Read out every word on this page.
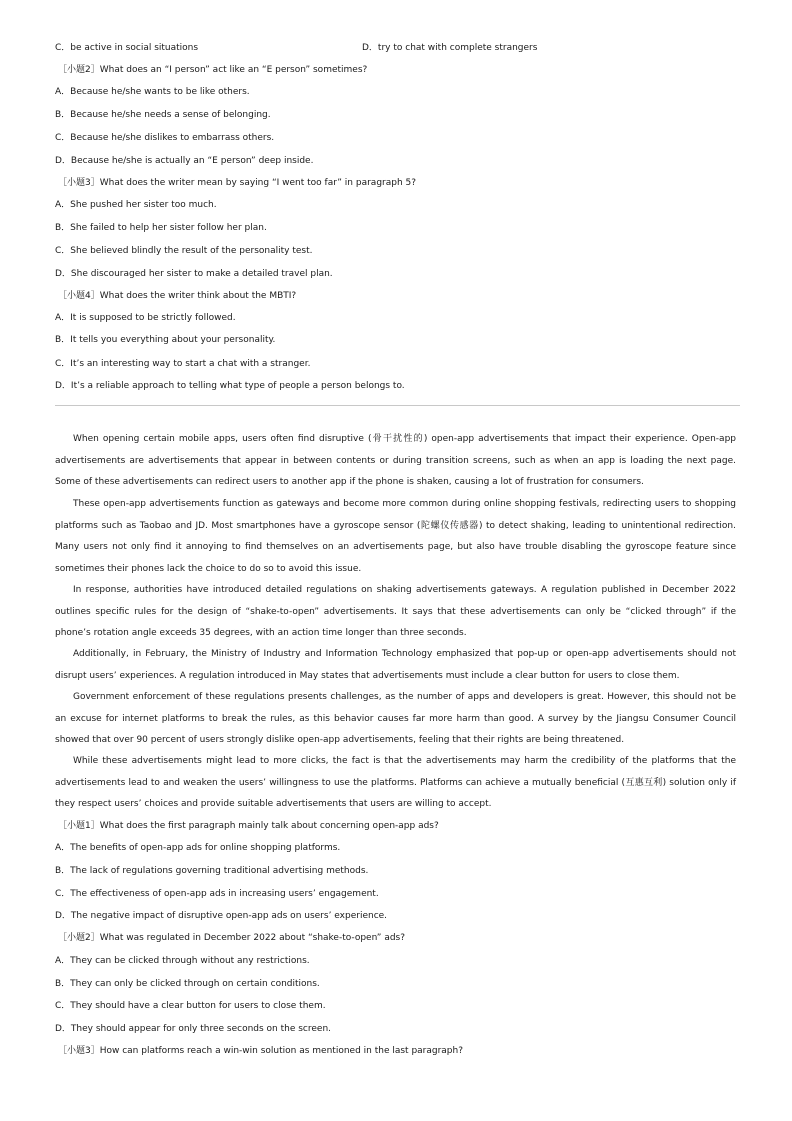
C．be active in social situations	D．try to chat with complete strangers
［小题2］What does an “I person” act like an “E person” sometimes?
A．Because he/she wants to be like others.
B．Because he/she needs a sense of belonging.
C．Because he/she dislikes to embarrass others.
D．Because he/she is actually an “E person” deep inside.
［小题3］What does the writer mean by saying “I went too far” in paragraph 5?
A．She pushed her sister too much.
B．She failed to help her sister follow her plan.
C．She believed blindly the result of the personality test.
D．She discouraged her sister to make a detailed travel plan.
［小题4］What does the writer think about the MBTI?
A．It is supposed to be strictly followed.
B．It tells you everything about your personality.
C．It’s an interesting way to start a chat with a stranger.
D．It’s a reliable approach to telling what type of people a person belongs to.

When opening certain mobile apps, users often find disruptive (骨干扰性的) open-app advertisements that impact their experience. Open-app advertisements are advertisements that appear in between contents or during transition screens, such as when an app is loading the next page. Some of these advertisements can redirect users to another app if the phone is shaken, causing a lot of frustration for consumers.

These open-app advertisements function as gateways and become more common during online shopping festivals, redirecting users to shopping platforms such as Taobao and JD. Most smartphones have a gyroscope sensor (陀螺仪传感器) to detect shaking, leading to unintentional redirection. Many users not only find it annoying to find themselves on an advertisements page, but also have trouble disabling the gyroscope feature since sometimes their phones lack the choice to do so to avoid this issue.

In response, authorities have introduced detailed regulations on shaking advertisements gateways. A regulation published in December 2022 outlines specific rules for the design of “shake-to-open” advertisements. It says that these advertisements can only be “clicked through” if the phone’s rotation angle exceeds 35 degrees, with an action time longer than three seconds.

Additionally, in February, the Ministry of Industry and Information Technology emphasized that pop-up or open-app advertisements should not disrupt users’ experiences. A regulation introduced in May states that advertisements must include a clear button for users to close them.

Government enforcement of these regulations presents challenges, as the number of apps and developers is great. However, this should not be an excuse for internet platforms to break the rules, as this behavior causes far more harm than good. A survey by the Jiangsu Consumer Council showed that over 90 percent of users strongly dislike open-app advertisements, feeling that their rights are being threatened.

While these advertisements might lead to more clicks, the fact is that the advertisements may harm the credibility of the platforms that the advertisements lead to and weaken the users’ willingness to use the platforms. Platforms can achieve a mutually beneficial (互惠互利) solution only if they respect users’ choices and provide suitable advertisements that users are willing to accept.

［小题1］What does the first paragraph mainly talk about concerning open-app ads?
A．The benefits of open-app ads for online shopping platforms.
B．The lack of regulations governing traditional advertising methods.
C．The effectiveness of open-app ads in increasing users’ engagement.
D．The negative impact of disruptive open-app ads on users’ experience.
［小题2］What was regulated in December 2022 about “shake-to-open” ads?
A．They can be clicked through without any restrictions.
B．They can only be clicked through on certain conditions.
C．They should have a clear button for users to close them.
D．They should appear for only three seconds on the screen.
［小题3］How can platforms reach a win-win solution as mentioned in the last paragraph?
